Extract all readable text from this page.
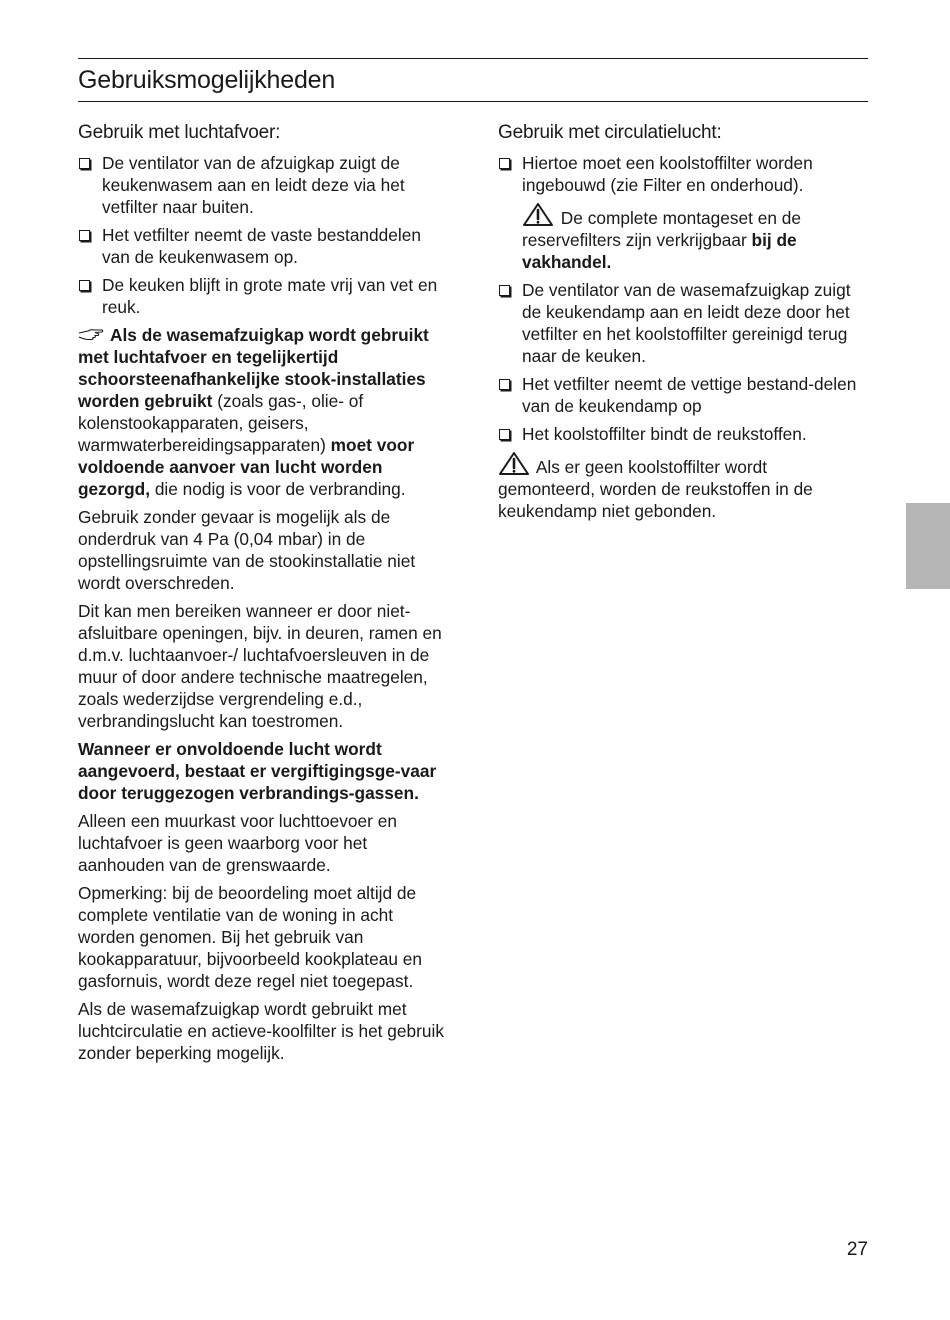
Gebruiksmogelijkheden
Gebruik met luchtafvoer:
De ventilator van de afzuigkap zuigt de keukenwasem aan en leidt deze via het vetfilter naar buiten.
Het vetfilter neemt de vaste bestanddelen van de keukenwasem op.
De keuken blijft in grote mate vrij van vet en reuk.

Als de wasemafzuigkap wordt gebruikt met luchtafvoer en tegelijkertijd schoorsteenafhankelijke stook-installaties worden gebruikt (zoals gas-, olie- of kolenstookapparaten, geisers, warmwaterbereidingsapparaten) moet voor voldoende aanvoer van lucht worden gezorgd, die nodig is voor de verbranding.

Gebruik zonder gevaar is mogelijk als de onderdruk van 4 Pa (0,04 mbar) in de opstellingsruimte van de stookinstallatie niet wordt overschreden.

Dit kan men bereiken wanneer er door niet-afsluitbare openingen, bijv. in deuren, ramen en d.m.v. luchtaanvoer-/ luchtafvoersleuven in de muur of door andere technische maatregelen, zoals wederzijdse vergrendeling e.d., verbrandingslucht kan toestromen.

Wanneer er onvoldoende lucht wordt aangevoerd, bestaat er vergiftigingsge-vaar door teruggezogen verbrandings-gassen.

Alleen een muurkast voor luchttoevoer en luchtafvoer is geen waarborg voor het aanhouden van de grenswaarde.

Opmerking: bij de beoordeling moet altijd de complete ventilatie van de woning in acht worden genomen. Bij het gebruik van kookapparatuur, bijvoorbeeld kookplateau en gasfornuis, wordt deze regel niet toegepast.

Als de wasemafzuigkap wordt gebruikt met luchtcirculatie en actieve-koolfilter is het gebruik zonder beperking mogelijk.

Gebruik met circulatielucht:
Hiertoe moet een koolstoffilter worden ingebouwd (zie Filter en onderhoud).

De complete montageset en de reservefilters zijn verkrijgbaar bij de vakhandel.

De ventilator van de wasemafzuigkap zuigt de keukendamp aan en leidt deze door het vetfilter en het koolstoffilter gereinigd terug naar de keuken.
Het vetfilter neemt de vettige bestand-delen van de keukendamp op
Het koolstoffilter bindt de reukstoffen.

Als er geen koolstoffilter wordt gemonteerd, worden de reukstoffen in de keukendamp niet gebonden.

27
